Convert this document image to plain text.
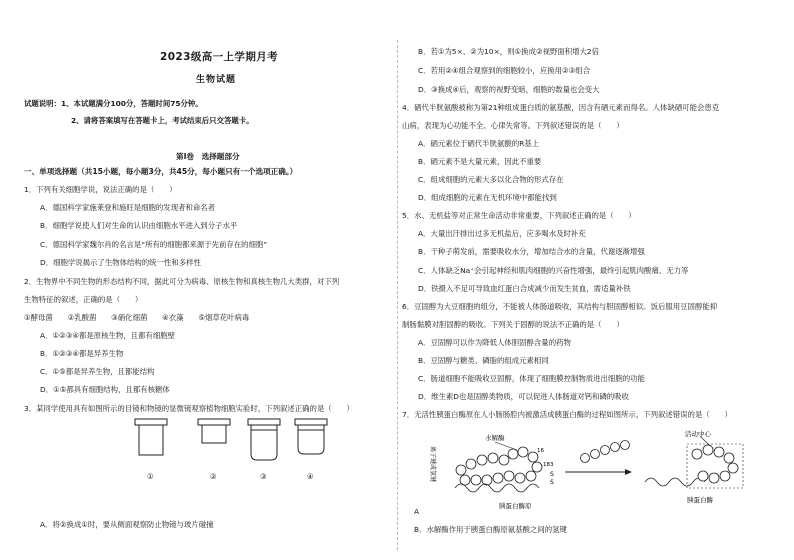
2023级高一上学期月考
生物试题
试题说明：1、本试题满分100分，答题时间75分钟。
2、请将答案填写在答题卡上，考试结束后只交答题卡。
第Ⅰ卷　选择题部分
一、单项选择题（共15小题，每小题3分，共45分，每小题只有一个选项正确。）
1．下列有关细胞学说，说法正确的是（　　）
A．德国科学家施莱登和施旺是细胞的发现者和命名者
B．细胞学说使人们对生命的认识由细胞水平进入到分子水平
C．德国科学家魏尔肖的名言是“所有的细胞都来源于先前存在的细胞”
D．细胞学说揭示了生物体结构的统一性和多样性
2．生物界中不同生物的形态结构不同，据此可分为病毒、原核生物和真核生物几大类群，对下列
生物特征的叙述，正确的是（　　）
①酵母菌　　②乳酸菌　　③硝化细菌　　④衣藻　　⑤烟草花叶病毒
A．①②③④都是原核生物，且都有细胞壁
B．①②③④都是异养生物
C．①⑤都是异养生物，且都能结构
D．①⑤都具有细胞结构，且都有核糖体
3．某同学使用具有如图所示的目镜和物镜的显微镜观察植物细胞实验时，下列叙述正确的是（　　）
①	②	③	④
A．将②换成①时，要从侧面观察防止物镜与玻片碰撞
B．若①为5×、②为10×，则①换成②视野面积增大2倍
C．若用②④组合观察到的细胞较小，应换用②③组合
D．③换成④后，观察的视野变暗，细胞的数量也会变大
4．硒代半胱氨酸被称为第21种组成蛋白质的氨基酸，因含有硒元素而得名。人体缺硒可能会患克
山病，表现为心功能不全、心律失常等。下列叙述错误的是（　　）
A．硒元素位于硒代半胱氨酸的R基上
B．硒元素不是大量元素，因此不重要
C．组成细胞的元素大多以化合物的形式存在
D．组成细胞的元素在无机环境中都能找到
5．水、无机盐等对正常生命活动非常重要，下列叙述正确的是（　　）
A．大量出汗排出过多无机盐后，应多喝水及时补充
B．干种子萌发前，需要吸收水分，增加结合水的含量，代谢逐渐增强
C．人体缺乏Na⁺会引起神经和肌肉细胞的兴奋性增强，最终引起肌肉酸痛、无力等
D．铁摄入不足可导致血红蛋白合成减少而发生贫血，需适量补铁
6．豆固醇为大豆细胞的组分，不能被人体肠道吸收，其结构与胆固醇相似。饭后服用豆固醇能抑
制肠黏膜对胆固醇的吸收。下列关于固醇的说法不正确的是（　　）
A．豆固醇可以作为降低人体胆固醇含量的药物
B．豆固醇与糖类、磷脂的组成元素相同
C．肠道细胞不能吸收豆固醇，体现了细胞膜控制物质进出细胞的功能
D．维生素D也是固醇类物质，可以促进人体肠道对钙和磷的吸收
7．无活性胰蛋白酶原在人小肠肠腔内被激活成胰蛋白酶的过程如图所示，下列叙述错误的是（　　）
A
B．水解酶作用于胰蛋白酶原氨基酸之间的氢键
水解酶
离子键或氢键	16
183
S
S
胰蛋白酶原
活动中心
胰蛋白酶
